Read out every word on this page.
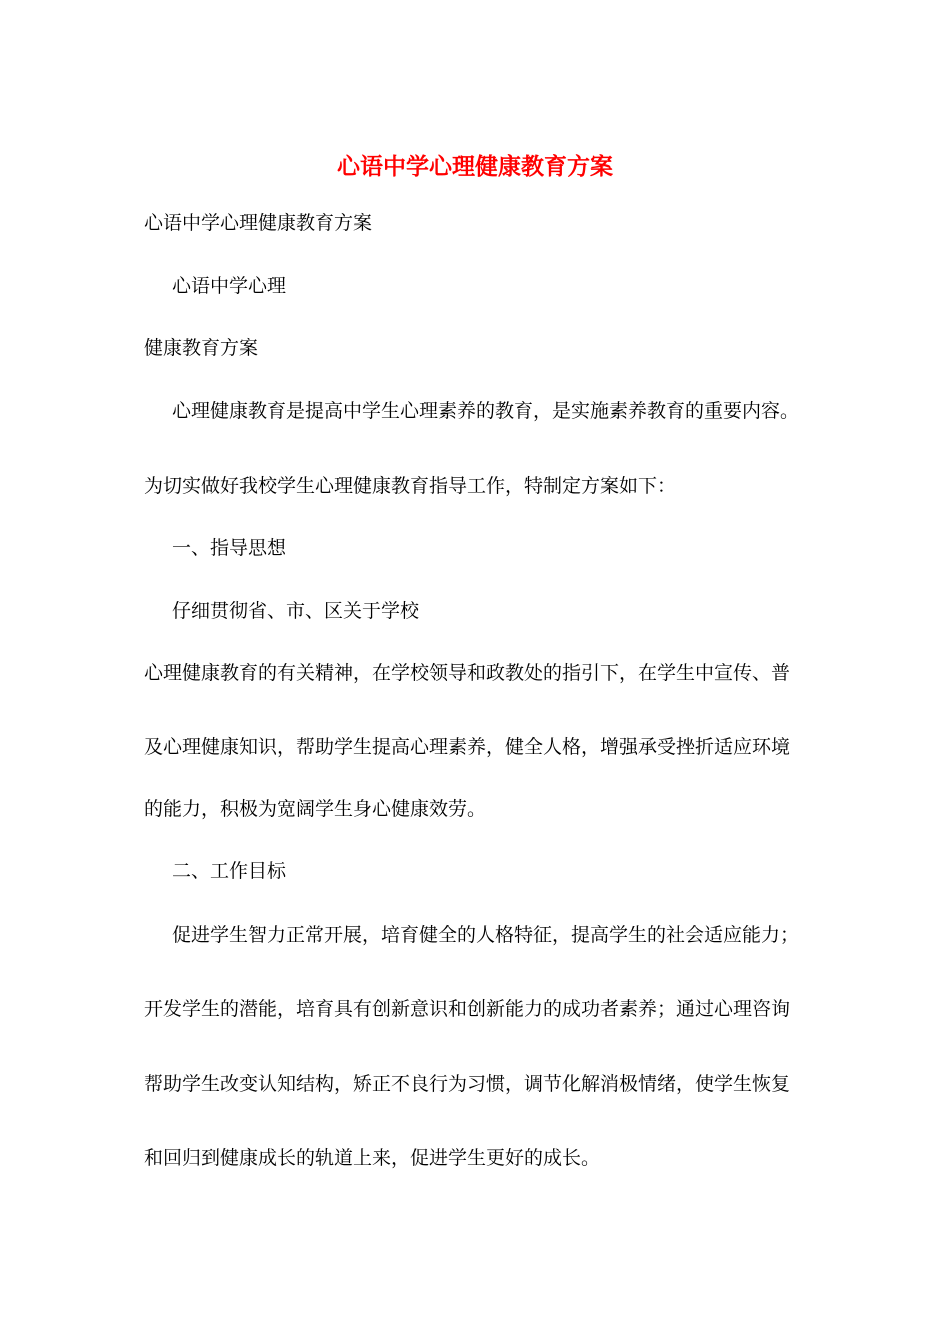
心语中学心理健康教育方案

心语中学心理健康教育方案

心语中学心理

健康教育方案

心理健康教育是提高中学生心理素养的教育，是实施素养教育的重要内容。

为切实做好我校学生心理健康教育指导工作，特制定方案如下：

一、指导思想

仔细贯彻省、市、区关于学校

心理健康教育的有关精神，在学校领导和政教处的指引下，在学生中宣传、普

及心理健康知识，帮助学生提高心理素养，健全人格，增强承受挫折适应环境

的能力，积极为宽阔学生身心健康效劳。

二、工作目标

促进学生智力正常开展，培育健全的人格特征，提高学生的社会适应能力；

开发学生的潜能，培育具有创新意识和创新能力的成功者素养；通过心理咨询

帮助学生改变认知结构，矫正不良行为习惯，调节化解消极情绪，使学生恢复

和回归到健康成长的轨道上来，促进学生更好的成长。
